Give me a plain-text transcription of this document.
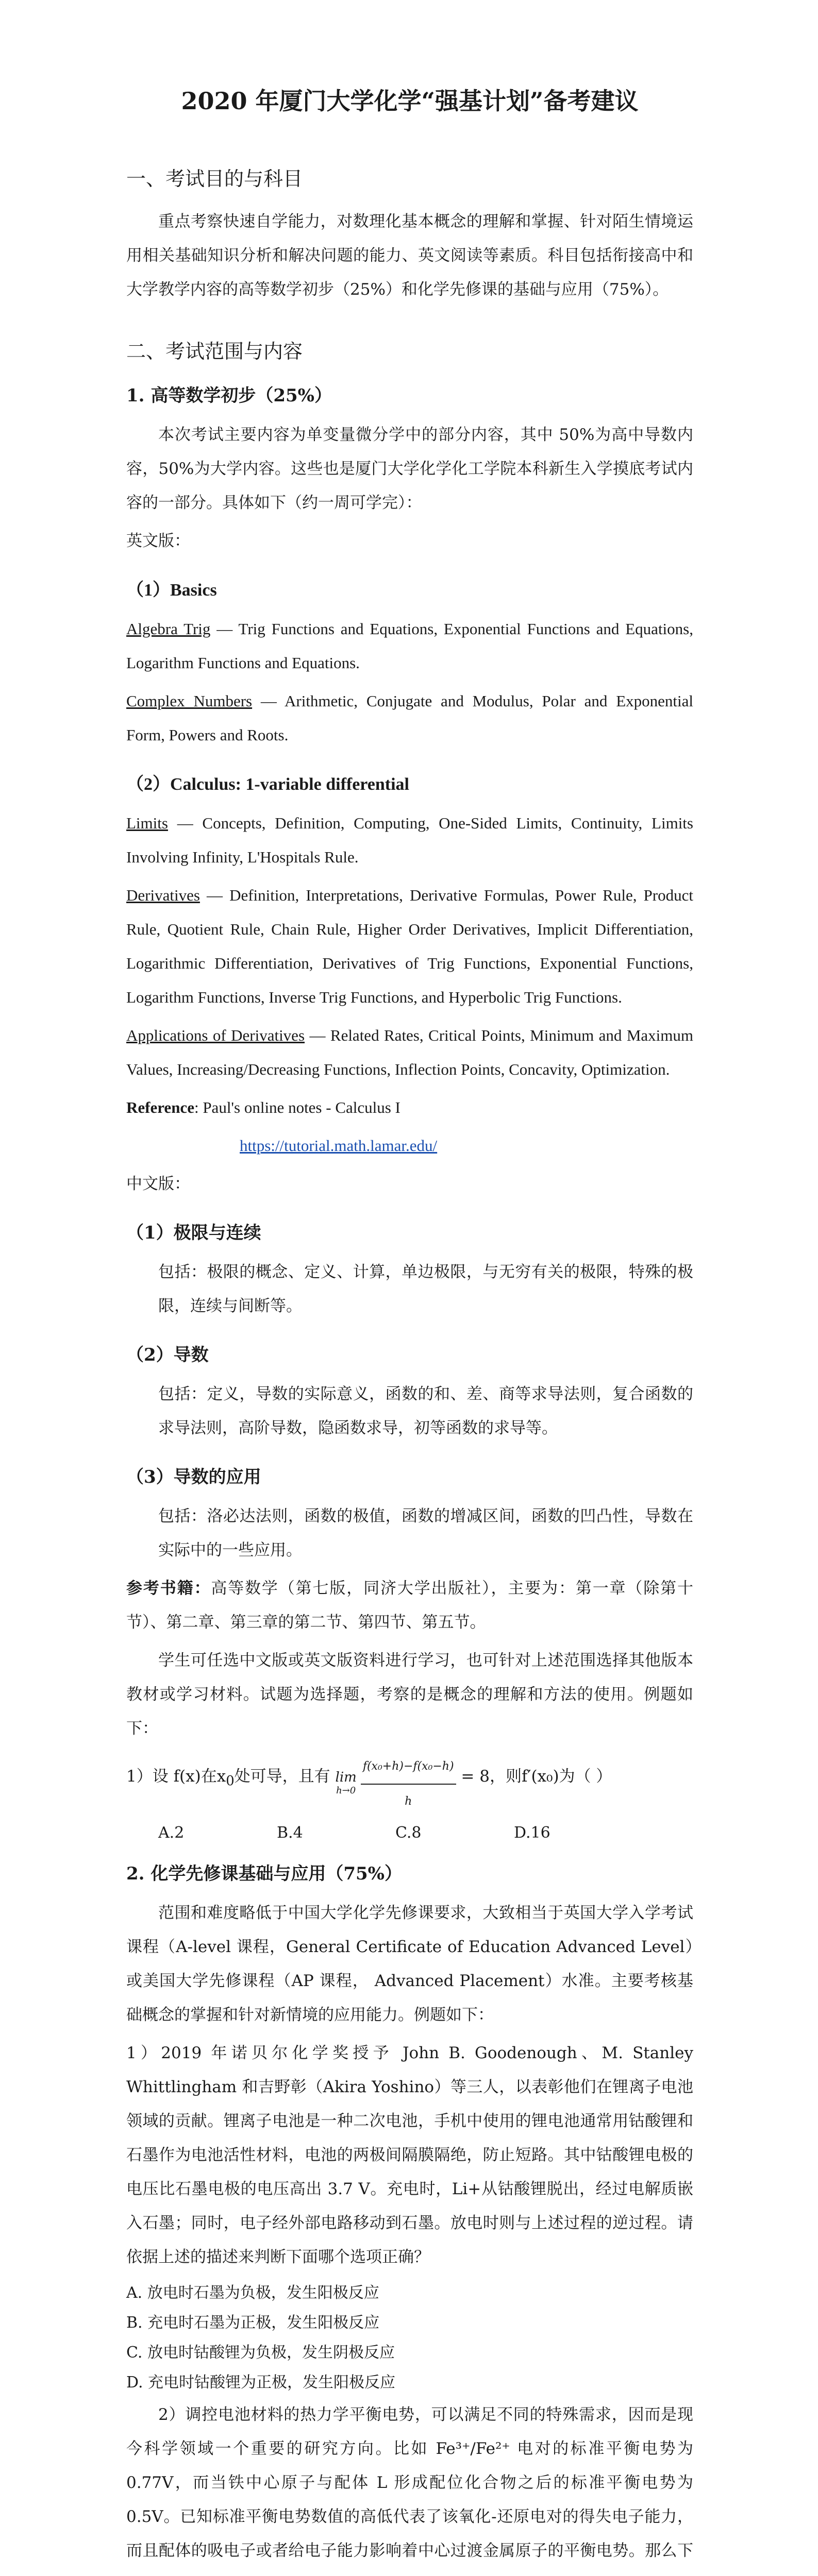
2020 年厦门大学化学“强基计划”备考建议
一、考试目的与科目

重点考察快速自学能力，对数理化基本概念的理解和掌握、针对陌生情境运用相关基础知识分析和解决问题的能力、英文阅读等素质。科目包括衔接高中和大学教学内容的高等数学初步（25%）和化学先修课的基础与应用（75%）。

二、考试范围与内容
1. 高等数学初步（25%）

本次考试主要内容为单变量微分学中的部分内容，其中 50%为高中导数内容，50%为大学内容。这些也是厦门大学化学化工学院本科新生入学摸底考试内容的一部分。具体如下（约一周可学完）：

英文版：

（1）Basics

Algebra Trig — Trig Functions and Equations, Exponential Functions and Equations, Logarithm Functions and Equations.

Complex Numbers — Arithmetic, Conjugate and Modulus, Polar and Exponential Form, Powers and Roots.

（2）Calculus: 1-variable differential

Limits — Concepts, Definition, Computing, One-Sided Limits, Continuity, Limits Involving Infinity, L'Hospitals Rule.

Derivatives — Definition, Interpretations, Derivative Formulas, Power Rule, Product Rule, Quotient Rule, Chain Rule, Higher Order Derivatives, Implicit Differentiation, Logarithmic Differentiation, Derivatives of Trig Functions, Exponential Functions, Logarithm Functions, Inverse Trig Functions, and Hyperbolic Trig Functions.

Applications of Derivatives — Related Rates, Critical Points, Minimum and Maximum Values, Increasing/Decreasing Functions, Inflection Points, Concavity, Optimization.

Reference: Paul's online notes - Calculus I

https://tutorial.math.lamar.edu/

中文版：

（1）极限与连续

包括：极限的概念、定义、计算，单边极限，与无穷有关的极限，特殊的极限，连续与间断等。

（2）导数

包括：定义，导数的实际意义，函数的和、差、商等求导法则，复合函数的求导法则，高阶导数，隐函数求导，初等函数的求导等。

（3）导数的应用

包括：洛必达法则，函数的极值，函数的增减区间，函数的凹凸性，导数在实际中的一些应用。

参考书籍：高等数学（第七版，同济大学出版社），主要为：第一章（除第十节）、第二章、第三章的第二节、第四节、第五节。

学生可任选中文版或英文版资料进行学习，也可针对上述范围选择其他版本教材或学习材料。试题为选择题，考察的是概念的理解和方法的使用。例题如下：

1）设 f(x)在$x_0$处可导，且有 lim
$h\to 0 \frac{\text{f(x₀+h)−f(x₀−h)}}{h} = 8$，则f′(x₀)为（ ）

A.2	B.4	C.8	D.16
2. 化学先修课基础与应用（75%）

范围和难度略低于中国大学化学先修课要求，大致相当于英国大学入学考试课程（A-level 课程，General Certificate of Education Advanced Level）或美国大学先修课程（AP 课程， Advanced Placement）水准。主要考核基础概念的掌握和针对新情境的应用能力。例题如下：

1）2019 年诺贝尔化学奖授予 John B. Goodenough、M. Stanley Whittlingham 和吉野彰（Akira Yoshino）等三人，以表彰他们在锂离子电池领域的贡献。锂离子电池是一种二次电池，手机中使用的锂电池通常用钴酸锂和石墨作为电池活性材料，电池的两极间隔膜隔绝，防止短路。其中钴酸锂电极的电压比石墨电极的电压高出 3.7 V。充电时，Li+从钴酸锂脱出，经过电解质嵌入石墨；同时，电子经外部电路移动到石墨。放电时则与上述过程的逆过程。请依据上述的描述来判断下面哪个选项正确？

A. 放电时石墨为负极，发生阳极反应

B. 充电时石墨为正极，发生阳极反应

C. 放电时钴酸锂为负极，发生阴极反应

D. 充电时钴酸锂为正极，发生阳极反应

2）调控电池材料的热力学平衡电势，可以满足不同的特殊需求，因而是现今科学领域一个重要的研究方向。比如 Fe³⁺/Fe²⁺ 电对的标准平衡电势为 0.77V，而当铁中心原子与配体 L 形成配位化合物之后的标准平衡电势为 0.5V。已知标准平衡电势数值的高低代表了该氧化-还原电对的得失电子能力，而且配体的吸电子或者给电子能力影响着中心过渡金属原子的平衡电势。那么下
